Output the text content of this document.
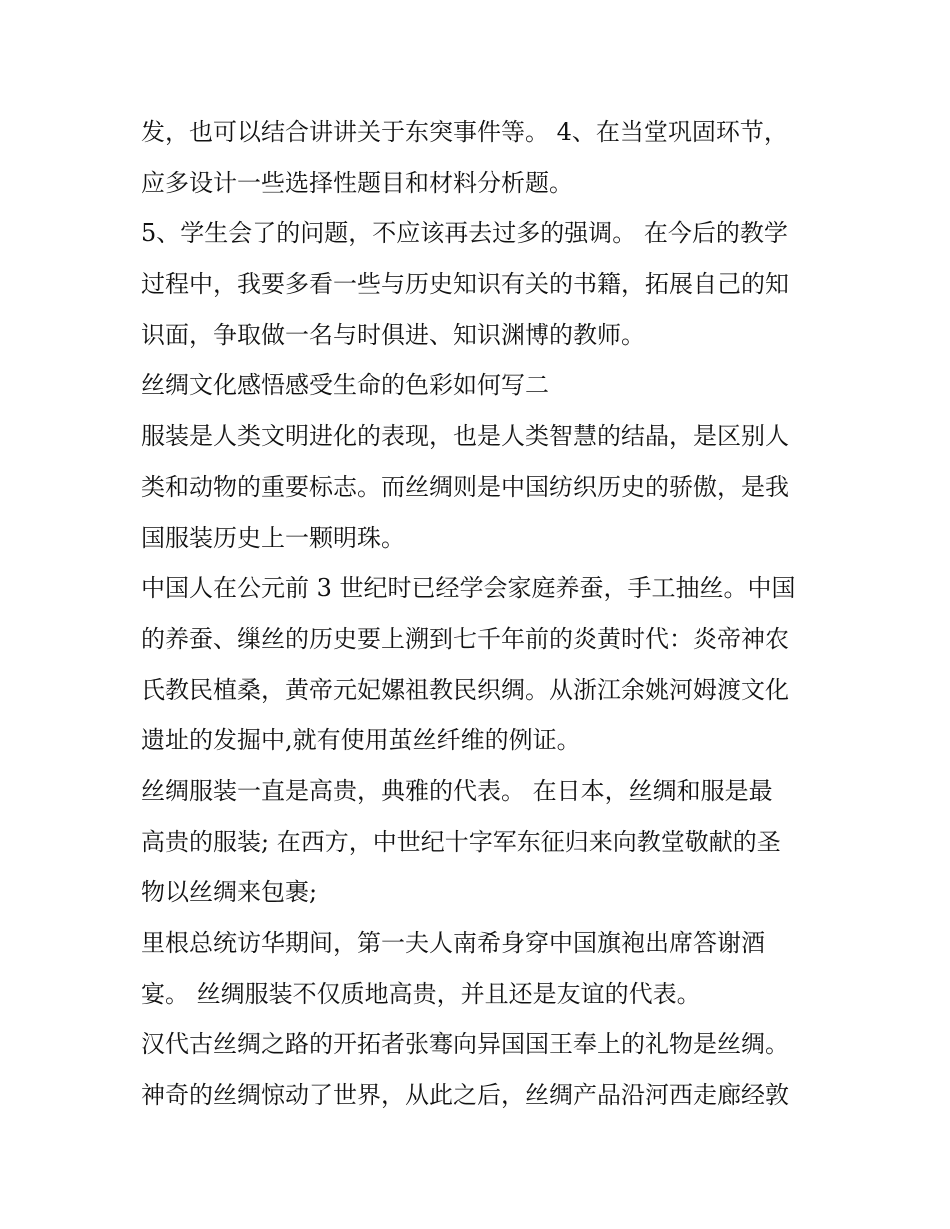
发，也可以结合讲讲关于东突事件等。 4、在当堂巩固环节，

应多设计一些选择性题目和材料分析题。

5、学生会了的问题，不应该再去过多的强调。 在今后的教学

过程中，我要多看一些与历史知识有关的书籍，拓展自己的知

识面，争取做一名与时俱进、知识渊博的教师。

丝绸文化感悟感受生命的色彩如何写二

服装是人类文明进化的表现，也是人类智慧的结晶，是区别人

类和动物的重要标志。而丝绸则是中国纺织历史的骄傲，是我

国服装历史上一颗明珠。

中国人在公元前 3 世纪时已经学会家庭养蚕，手工抽丝。中国

的养蚕、缫丝的历史要上溯到七千年前的炎黄时代：炎帝神农

氏教民植桑，黄帝元妃嫘祖教民织绸。从浙江余姚河姆渡文化

遗址的发掘中,就有使用茧丝纤维的例证。

丝绸服装一直是高贵，典雅的代表。 在日本，丝绸和服是最

高贵的服装; 在西方，中世纪十字军东征归来向教堂敬献的圣

物以丝绸来包裹;

里根总统访华期间，第一夫人南希身穿中国旗袍出席答谢酒

宴。 丝绸服装不仅质地高贵，并且还是友谊的代表。

汉代古丝绸之路的开拓者张骞向异国国王奉上的礼物是丝绸。

神奇的丝绸惊动了世界，从此之后，丝绸产品沿河西走廊经敦
